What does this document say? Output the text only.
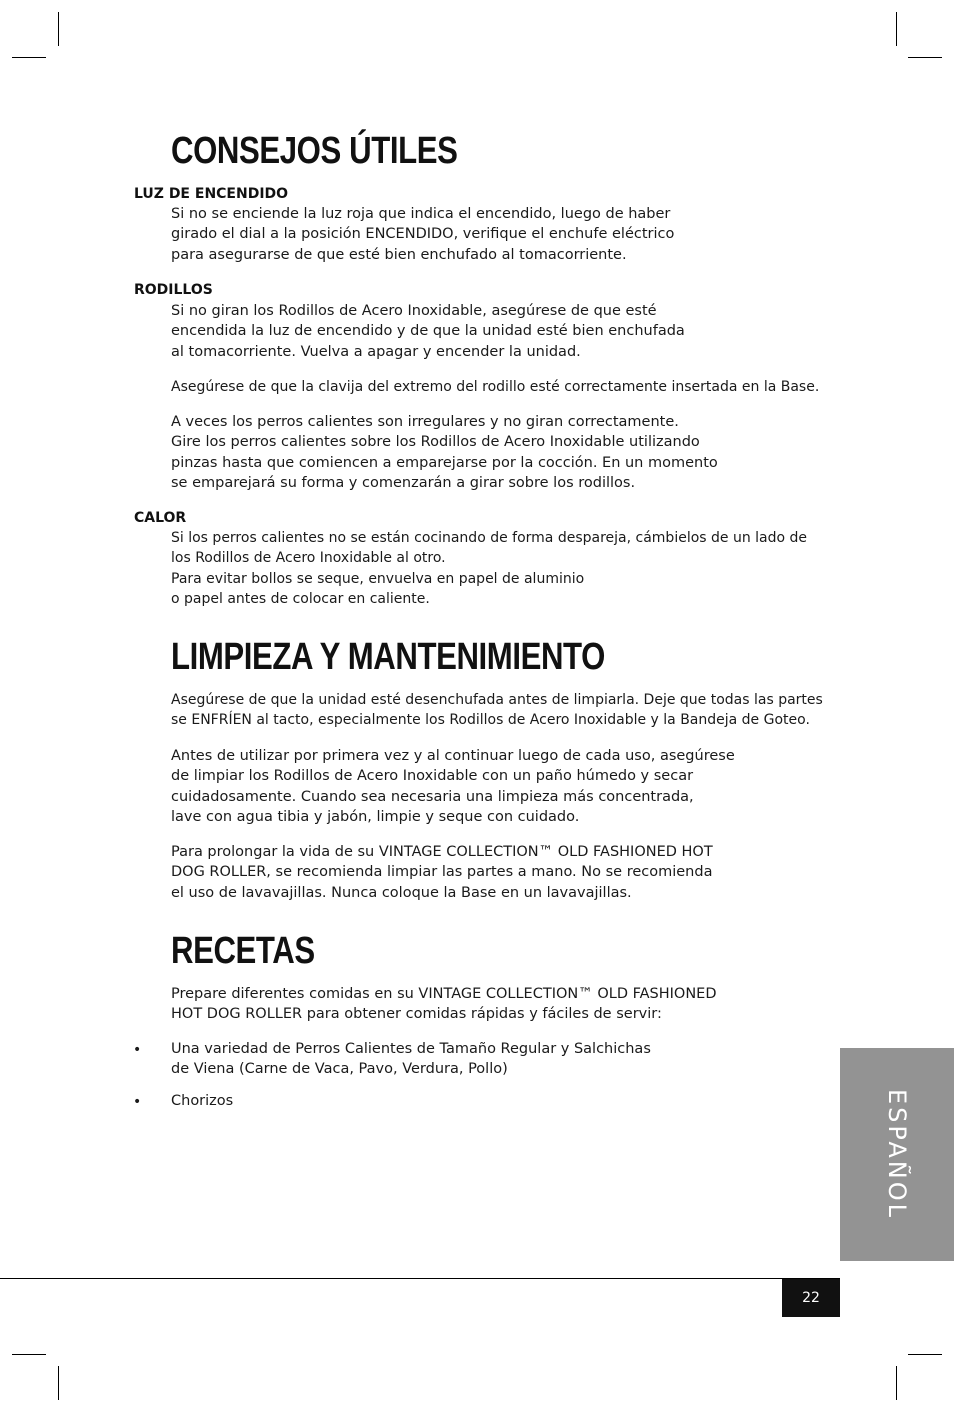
CONSEJOS ÚTILES
LUZ DE ENCENDIDO

Si no se enciende la luz roja que indica el encendido, luego de haber
girado el dial a la posición ENCENDIDO, verifique el enchufe eléctrico
para asegurarse de que esté bien enchufado al tomacorriente.

RODILLOS

Si no giran los Rodillos de Acero Inoxidable, asegúrese de que esté
encendida la luz de encendido y de que la unidad esté bien enchufada
al tomacorriente. Vuelva a apagar y encender la unidad.

Asegúrese de que la clavija del extremo del rodillo esté correctamente insertada en la Base.

A veces los perros calientes son irregulares y no giran correctamente.
Gire los perros calientes sobre los Rodillos de Acero Inoxidable utilizando
pinzas hasta que comiencen a emparejarse por la cocción. En un momento
se emparejará su forma y comenzarán a girar sobre los rodillos.

CALOR

Si los perros calientes no se están cocinando de forma despareja, cámbielos de un lado de
los Rodillos de Acero Inoxidable al otro.
Para evitar bollos se seque, envuelva en papel de aluminio
o papel antes de colocar en caliente.

LIMPIEZA Y MANTENIMIENTO

Asegúrese de que la unidad esté desenchufada antes de limpiarla. Deje que todas las partes
se ENFRÍEN al tacto, especialmente los Rodillos de Acero Inoxidable y la Bandeja de Goteo.

Antes de utilizar por primera vez y al continuar luego de cada uso, asegúrese
de limpiar los Rodillos de Acero Inoxidable con un paño húmedo y secar
cuidadosamente. Cuando sea necesaria una limpieza más concentrada,
lave con agua tibia y jabón, limpie y seque con cuidado.

Para prolongar la vida de su VINTAGE COLLECTION™ OLD FASHIONED HOT
DOG ROLLER, se recomienda limpiar las partes a mano. No se recomienda
el uso de lavavajillas. Nunca coloque la Base en un lavavajillas.

RECETAS

Prepare diferentes comidas en su VINTAGE COLLECTION™ OLD FASHIONED
HOT DOG ROLLER para obtener comidas rápidas y fáciles de servir:

• Una variedad de Perros Calientes de Tamaño Regular y Salchichas
de Viena (Carne de Vaca, Pavo, Verdura, Pollo)

• Chorizos	ESPAÑOL
22
